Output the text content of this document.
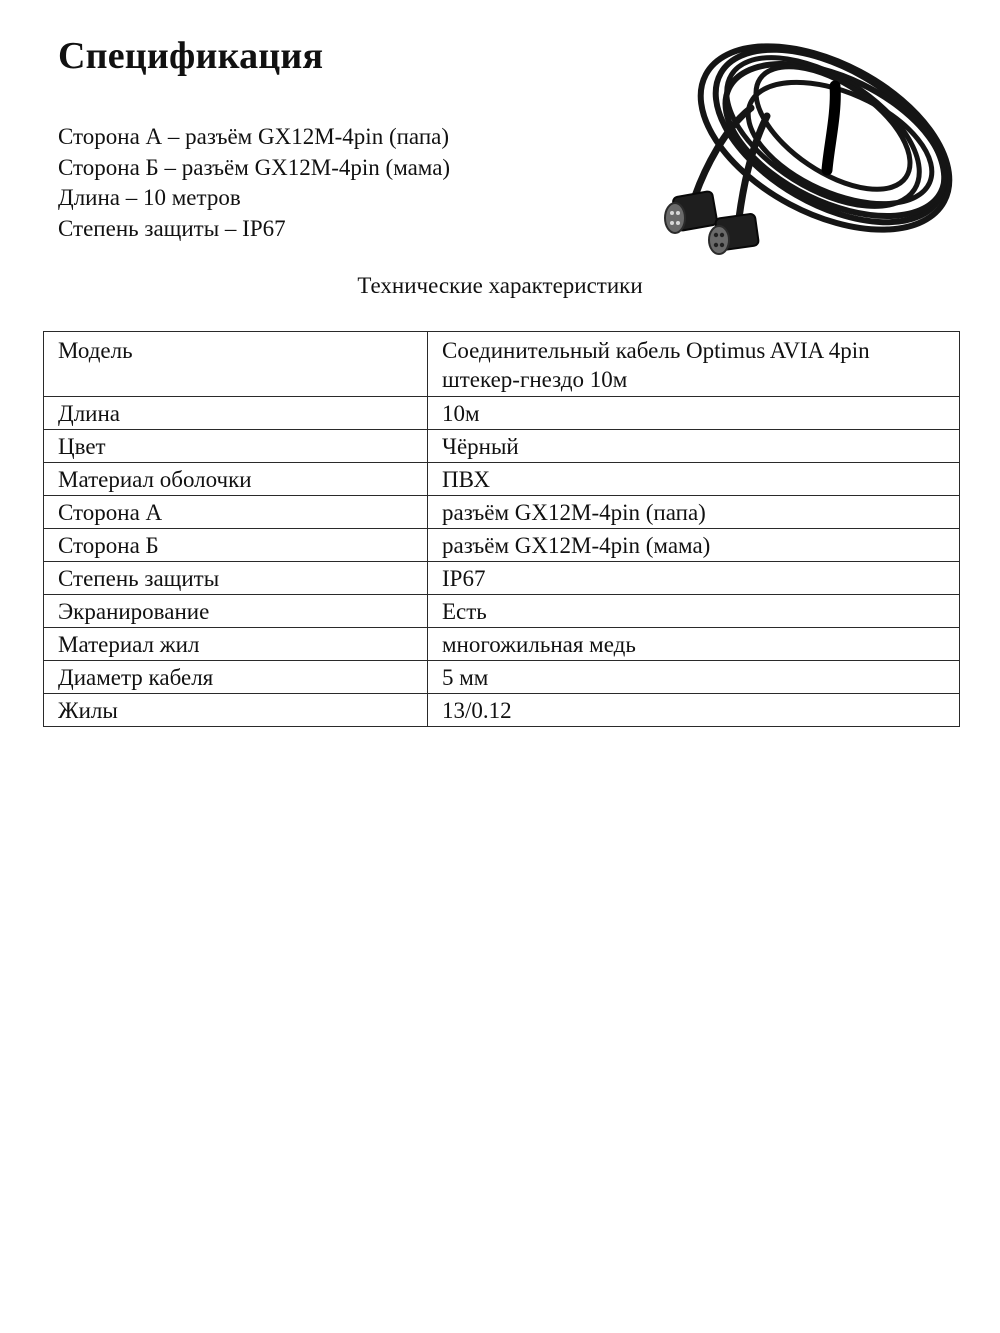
Спецификация
Сторона А – разъём GX12M-4pin (папа)
Сторона Б – разъём GX12M-4pin (мама)
Длина – 10 метров
Степень защиты – IP67
Технические характеристики
Модель	Соединительный кабель Optimus AVIA 4pin штекер-гнездо 10м
Длина	10м
Цвет	Чёрный
Материал оболочки	ПВХ
Сторона А	разъём GX12M-4pin (папа)
Сторона Б	разъём GX12M-4pin (мама)
Степень защиты	IP67
Экранирование	Есть
Материал жил	многожильная медь
Диаметр кабеля	5 мм
Жилы	13/0.12
